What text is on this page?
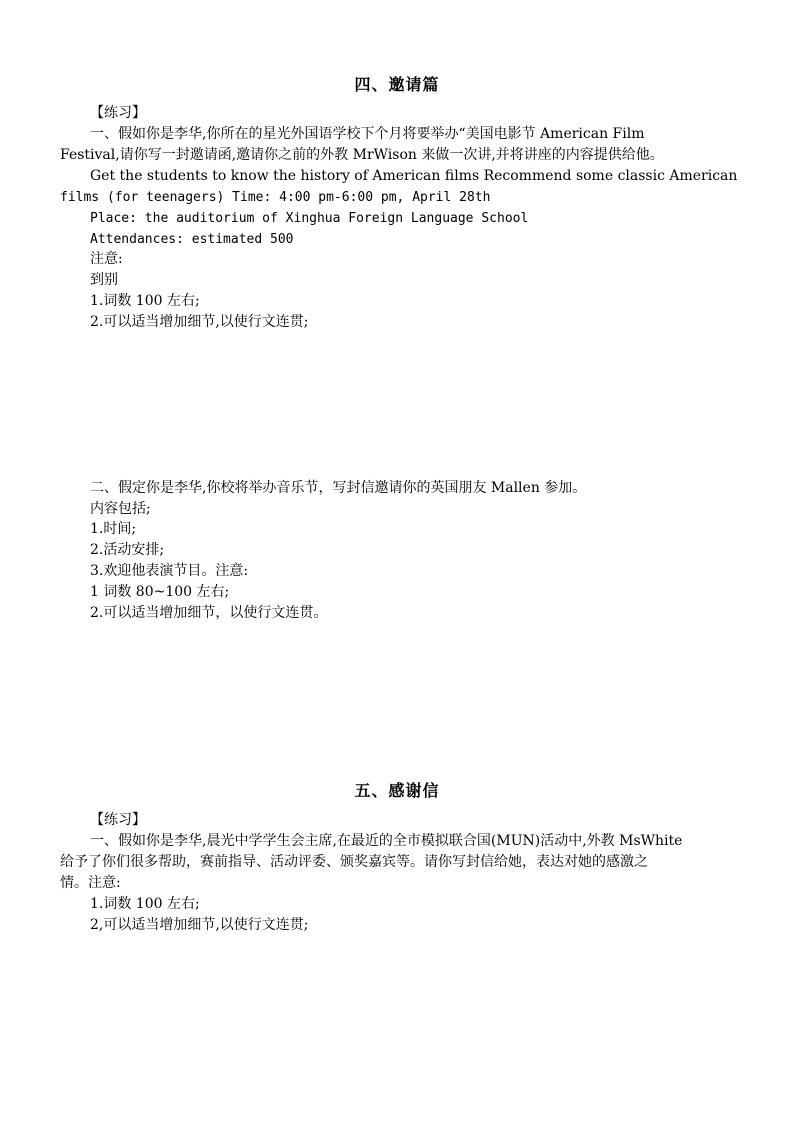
四、邀请篇
【练习】
一、假如你是李华,你所在的星光外国语学校下个月将要举办“美国电影节 American Film
Festival,请你写一封邀请函,邀请你之前的外教 MrWison 来做一次讲,并将讲座的内容提供给他。
Get the students to know the history of American films Recommend some classic American
films (for teenagers) Time: 4:00 pm-6:00 pm, April 28th
Place: the auditorium of Xinghua Foreign Language School
Attendances: estimated 500
注意:
到别
1.词数 100 左右;
2.可以适当增加细节,以使行文连贯;
二、假定你是李华,你校将举办音乐节，写封信邀请你的英国朋友 Mallen 参加。
内容包括;
1.时间;
2.活动安排;
3.欢迎他表演节目。注意:
1 词数 80~100 左右;
2.可以适当增加细节，以使行文连贯。
五、感谢信
【练习】
一、假如你是李华,晨光中学学生会主席,在最近的全市模拟联合国(MUN)活动中,外教 MsWhite
给予了你们很多帮助，赛前指导、活动评委、颁奖嘉宾等。请你写封信给她，表达对她的感激之
情。注意:
1.词数 100 左右;
2,可以适当增加细节,以使行文连贯;
